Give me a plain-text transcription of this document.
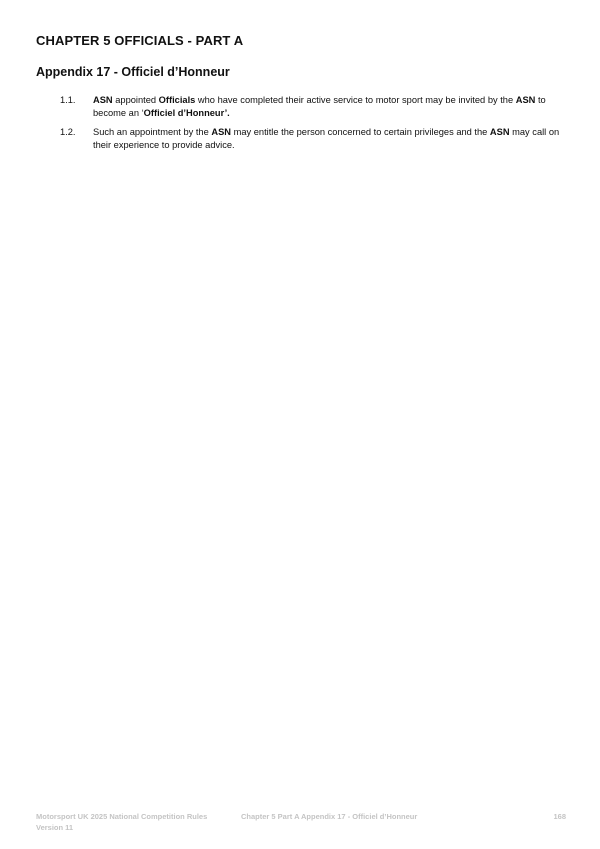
CHAPTER 5 OFFICIALS - PART A
Appendix 17 - Officiel d’Honneur
1.1.	ASN appointed Officials who have completed their active service to motor sport may be invited by the ASN to become an ‘Officiel d’Honneur’.
1.2.	Such an appointment by the ASN may entitle the person concerned to certain privileges and the ASN may call on their experience to provide advice.
Motorsport UK 2025 National Competition Rules
Version 11
Chapter 5 Part A Appendix 17 - Officiel d’Honneur	168
